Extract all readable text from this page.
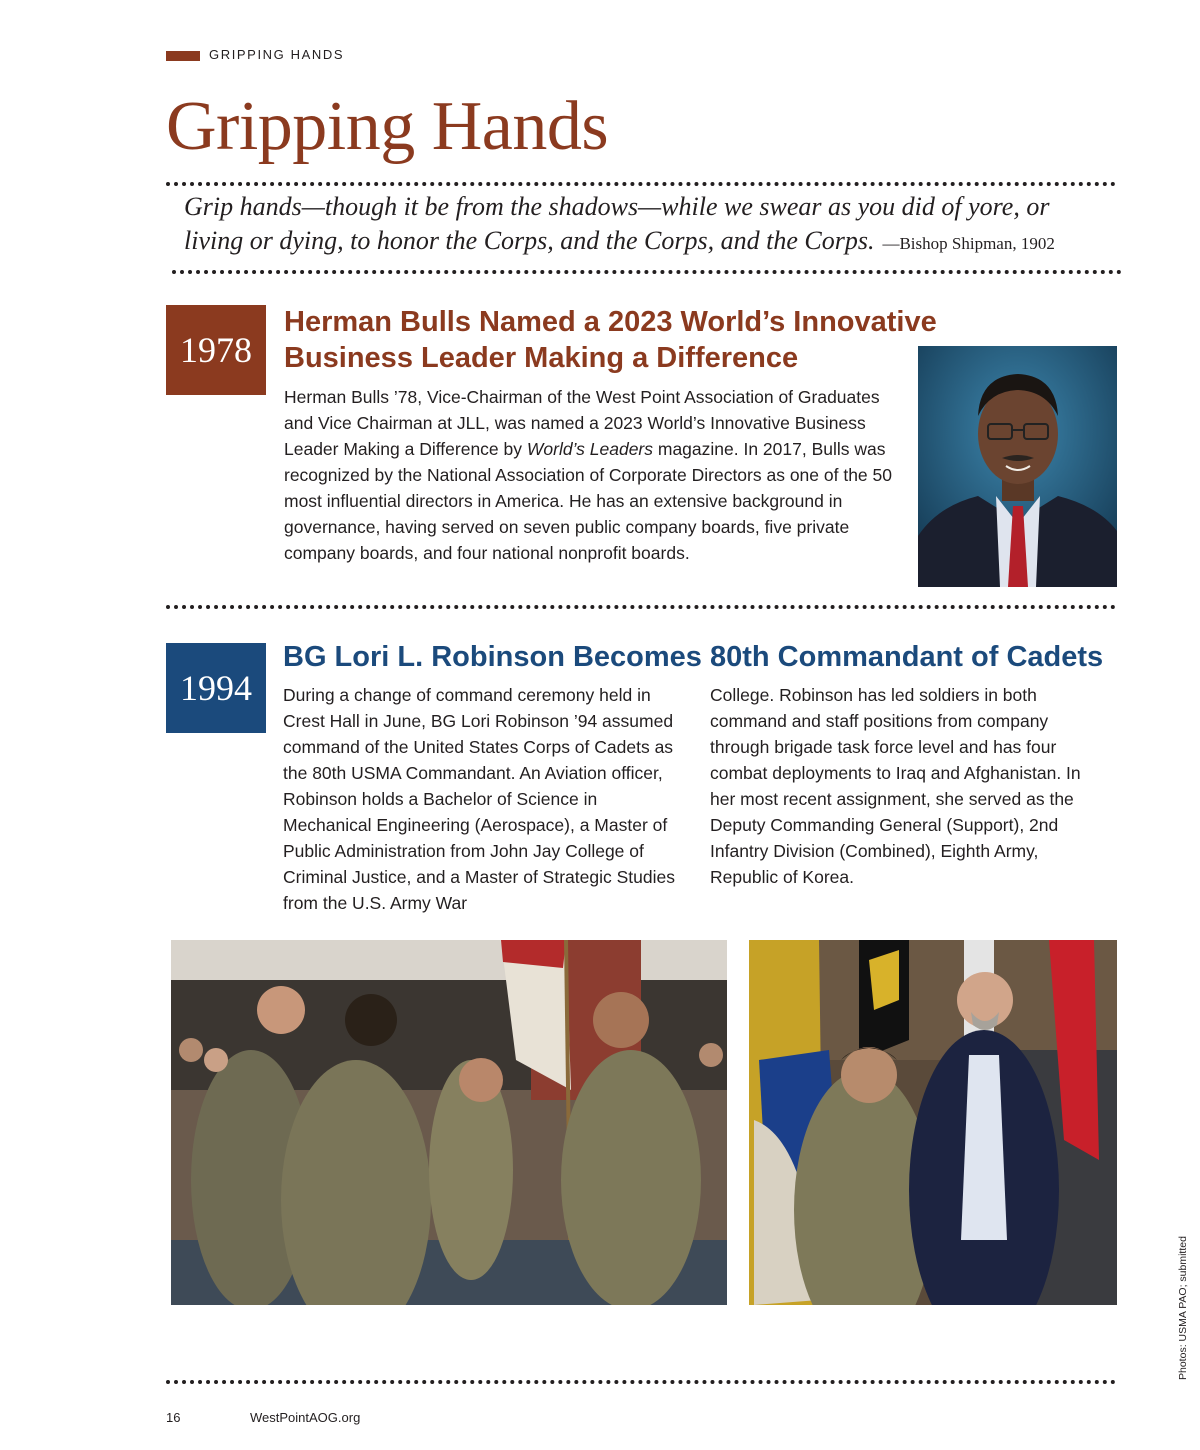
GRIPPING HANDS
Gripping Hands
Grip hands—though it be from the shadows—while we swear as you did of yore, or
living or dying, to honor the Corps, and the Corps, and the Corps. —Bishop Shipman, 1902
1978
Herman Bulls Named a 2023 World’s Innovative
Business Leader Making a Difference

Herman Bulls ’78, Vice-Chairman of the West Point Association of Graduates and Vice Chairman at JLL, was named a 2023 World’s Innovative Business Leader Making a Difference by World’s Leaders magazine. In 2017, Bulls was recognized by the National Association of Corporate Directors as one of the 50 most influential directors in America. He has an extensive background in governance, having served on seven public company boards, five private company boards, and four national nonprofit boards.

1994
BG Lori L. Robinson Becomes 80th Commandant of Cadets

During a change of command ceremony held in Crest Hall in June, BG Lori Robinson ’94 assumed command of the United States Corps of Cadets as the 80th USMA Commandant. An Aviation officer, Robinson holds a Bachelor of Science in Mechanical Engineering (Aerospace), a Master of Public Administration from John Jay College of Criminal Justice, and a Master of Strategic Studies from the U.S. Army War

College. Robinson has led soldiers in both command and staff positions from company through brigade task force level and has four combat deployments to Iraq and Afghanistan. In her most recent assignment, she served as the Deputy Commanding General (Support), 2nd Infantry Division (Combined), Eighth Army, Republic of Korea.

Photos: USMA PAO; submitted
16	WestPointAOG.org
